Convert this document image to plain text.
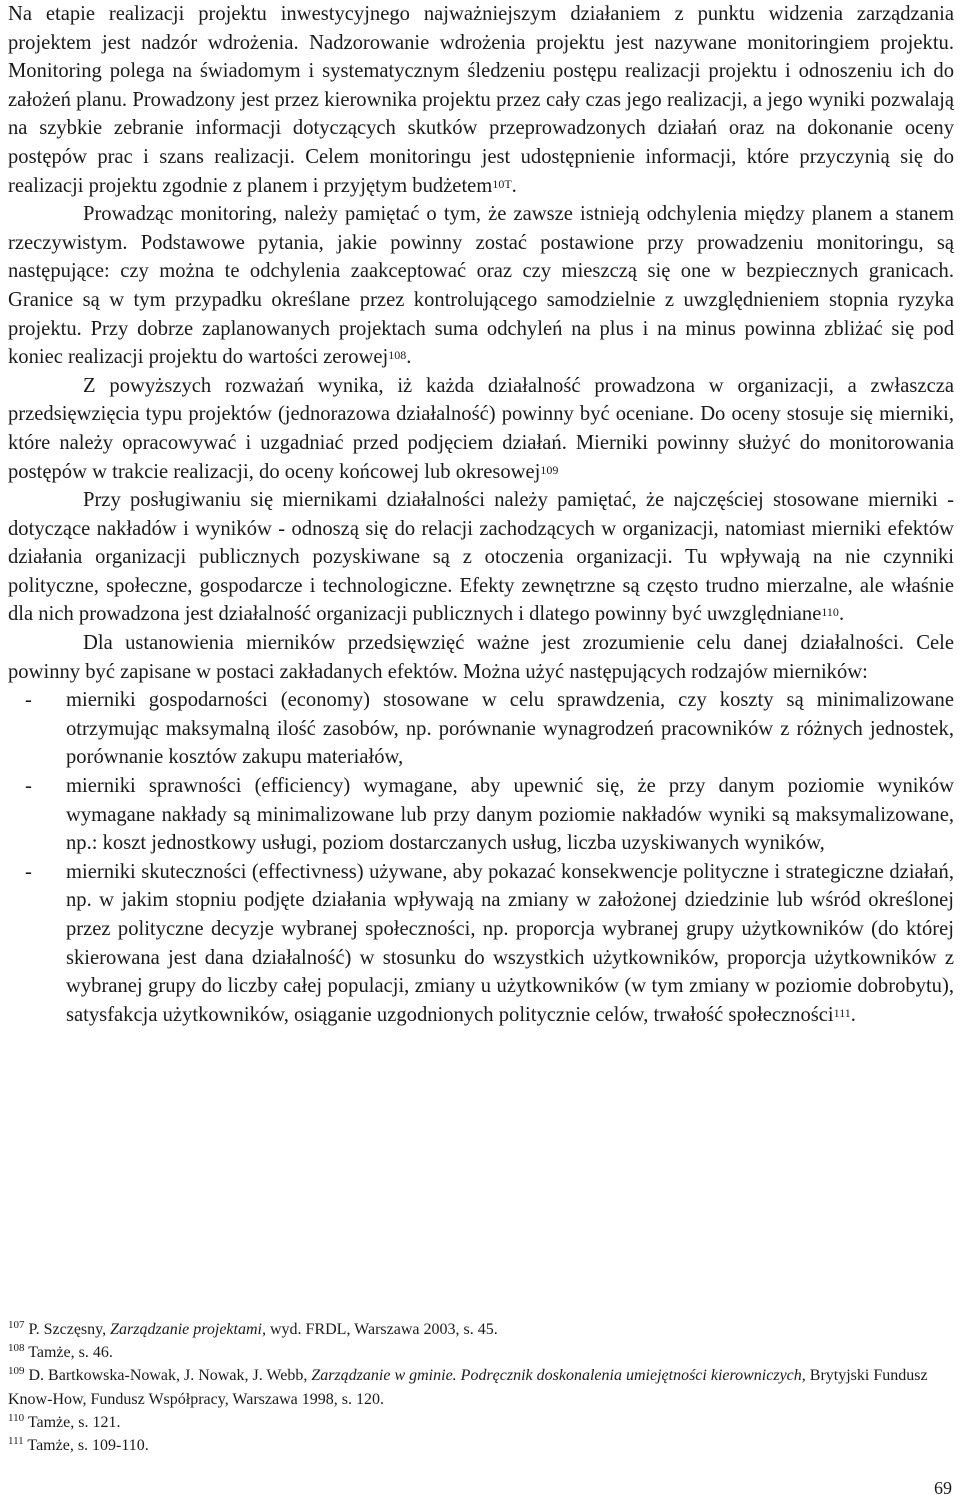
Na etapie realizacji projektu inwestycyjnego najważniejszym działaniem z punktu widzenia zarządzania projektem jest nadzór wdrożenia. Nadzorowanie wdrożenia projektu jest nazywane monitoringiem projektu. Monitoring polega na świadomym i systematycznym śledzeniu postępu realizacji projektu i odnoszeniu ich do założeń planu. Prowadzony jest przez kierownika projektu przez cały czas jego realizacji, a jego wyniki pozwalają na szybkie zebranie informacji dotyczących skutków przeprowadzonych działań oraz na dokonanie oceny postępów prac i szans realizacji. Celem monitoringu jest udostępnienie informacji, które przyczynią się do realizacji projektu zgodnie z planem i przyjętym budżetem$^{10T}$.

Prowadząc monitoring, należy pamiętać o tym, że zawsze istnieją odchylenia między planem a stanem rzeczywistym. Podstawowe pytania, jakie powinny zostać postawione przy prowadzeniu monitoringu, są następujące: czy można te odchylenia zaakceptować oraz czy mieszczą się one w bezpiecznych granicach. Granice są w tym przypadku określane przez kontrolującego samodzielnie z uwzględnieniem stopnia ryzyka projektu. Przy dobrze zaplanowanych projektach suma odchyleń na plus i na minus powinna zbliżać się pod koniec realizacji projektu do wartości zerowej$^{108}$.

Z powyższych rozważań wynika, iż każda działalność prowadzona w organizacji, a zwłaszcza przedsięwzięcia typu projektów (jednorazowa działalność) powinny być oceniane. Do oceny stosuje się mierniki, które należy opracowywać i uzgadniać przed podjęciem działań. Mierniki powinny służyć do monitorowania postępów w trakcie realizacji, do oceny końcowej lub okresowej$^{109}$

Przy posługiwaniu się miernikami działalności należy pamiętać, że najczęściej stosowane mierniki - dotyczące nakładów i wyników - odnoszą się do relacji zachodzących w organizacji, natomiast mierniki efektów działania organizacji publicznych pozyskiwane są z otoczenia organizacji. Tu wpływają na nie czynniki polityczne, społeczne, gospodarcze i technologiczne. Efekty zewnętrzne są często trudno mierzalne, ale właśnie dla nich prowadzona jest działalność organizacji publicznych i dlatego powinny być uwzględniane$^{110}$.

Dla ustanowienia mierników przedsięwzięć ważne jest zrozumienie celu danej działalności. Cele powinny być zapisane w postaci zakładanych efektów. Można użyć następujących rodzajów mierników:

- mierniki gospodarności (economy) stosowane w celu sprawdzenia, czy koszty są minimalizowane otrzymując maksymalną ilość zasobów, np. porównanie wynagrodzeń pracowników z różnych jednostek, porównanie kosztów zakupu materiałów,
- mierniki sprawności (efficiency) wymagane, aby upewnić się, że przy danym poziomie wyników wymagane nakłady są minimalizowane lub przy danym poziomie nakładów wyniki są maksymalizowane, np.: koszt jednostkowy usługi, poziom dostarczanych usług, liczba uzyskiwanych wyników,
- mierniki skuteczności (effectivness) używane, aby pokazać konsekwencje polityczne i strategiczne działań, np. w jakim stopniu podjęte działania wpływają na zmiany w założonej dziedzinie lub wśród określonej przez polityczne decyzje wybranej społeczności, np. proporcja wybranej grupy użytkowników (do której skierowana jest dana działalność) w stosunku do wszystkich użytkowników, proporcja użytkowników z wybranej grupy do liczby całej populacji, zmiany u użytkowników (w tym zmiany w poziomie dobrobytu), satysfakcja użytkowników, osiąganie uzgodnionych politycznie celów, trwałość społeczności$^{111}$.

$^{107}$ P. Szczęsny, Zarządzanie projektami, wyd. FRDL, Warszawa 2003, s. 45.

$^{108}$ Tamże, s. 46.

$^{109}$ D. Bartkowska-Nowak, J. Nowak, J. Webb, Zarządzanie w gminie. Podręcznik doskonalenia umiejętności kierowniczych, Brytyjski Fundusz Know-How, Fundusz Współpracy, Warszawa 1998, s. 120.

$^{110}$ Tamże, s. 121.

$^{111}$ Tamże, s. 109-110.

69
